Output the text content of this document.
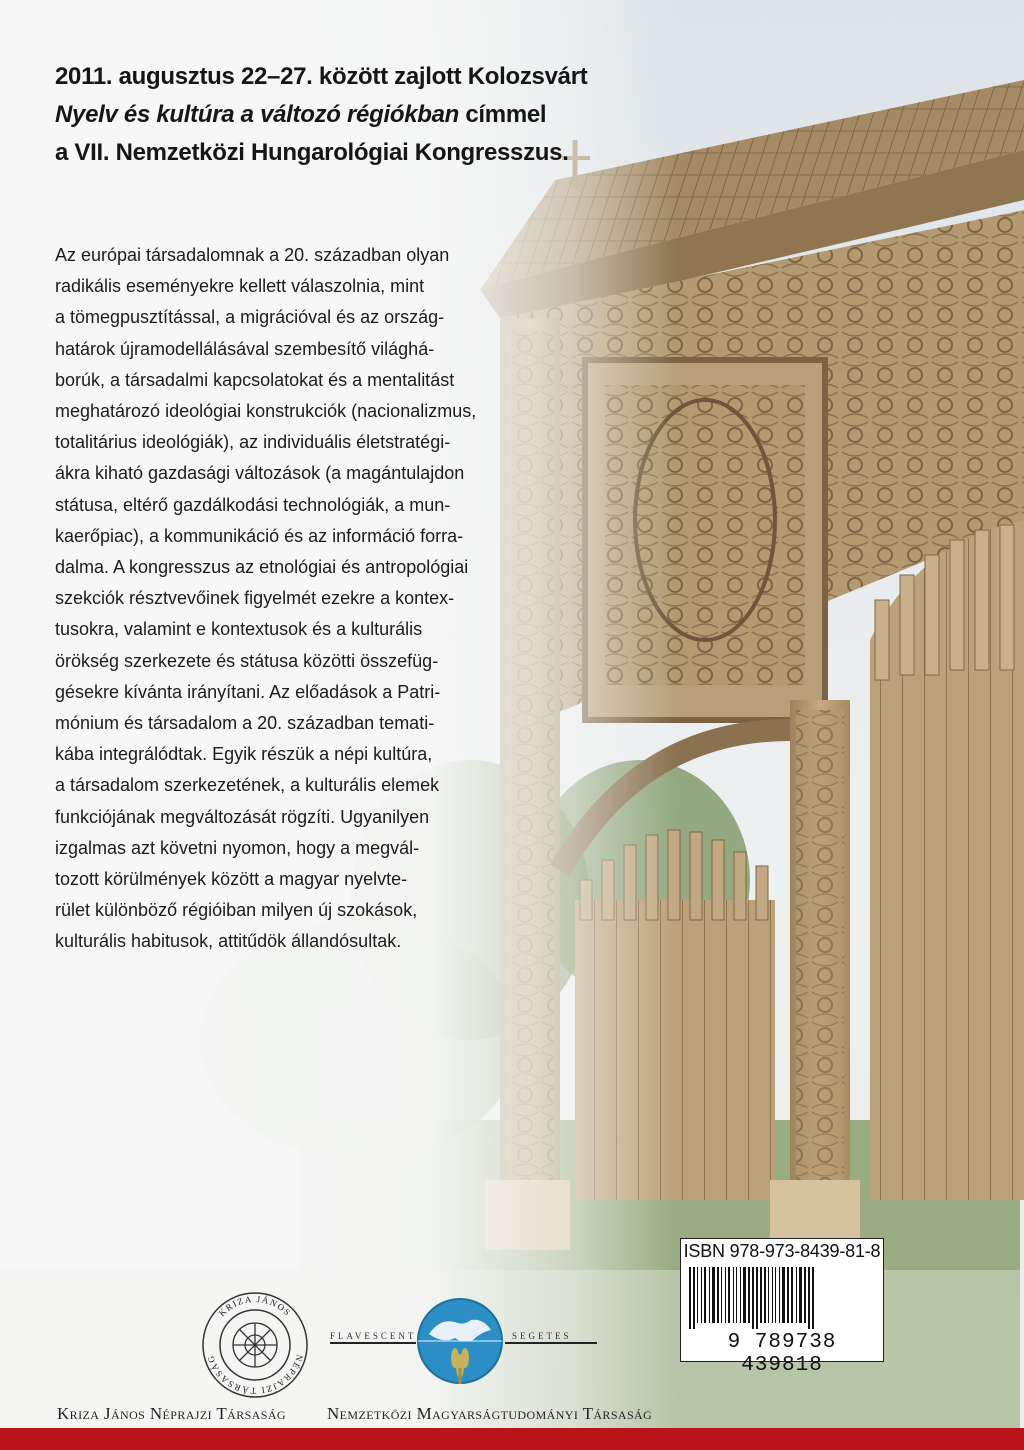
2011. augusztus 22–27. között zajlott Kolozsvárt
Nyelv és kultúra a változó régiókban címmel
a VII. Nemzetközi Hungarológiai Kongresszus.
Az európai társadalomnak a 20. században olyan
radikális eseményekre kellett válaszolnia, mint
a tömegpusztítással, a migrációval és az ország-
határok újramodellálásával szembesítő világhá-
borúk, a társadalmi kapcsolatokat és a mentalitást
meghatározó ideológiai konstrukciók (nacionalizmus,
totalitárius ideológiák), az individuális életstratégi-
ákra kiható gazdasági változások (a magántulajdon
státusa, eltérő gazdálkodási technológiák, a mun-
kaerőpiac), a kommunikáció és az információ forra-
dalma. A kongresszus az etnológiai és antropológiai
szekciók résztvevőinek figyelmét ezekre a kontex-
tusokra, valamint e kontextusok és a kulturális
örökség szerkezete és státusa közötti összefüg-
gésekre kívánta irányítani. Az előadások a Patri-
mónium és társadalom a 20. században temati-
kába integrálódtak. Egyik részük a népi kultúra,
a társadalom szerkezetének, a kulturális elemek
funkciójának megváltozását rögzíti. Ugyanilyen
izgalmas azt követni nyomon, hogy a megvál-
tozott körülmények között a magyar nyelvte-
rület különböző régióiban milyen új szokások,
kulturális habitusok, attitűdök állandósultak.
ISBN 978-973-8439-81-8
9 789738 439818
KRIZA JÁNOS
NÉPRAJZI TÁRSASÁG
FLAVESCENT	SEGETES
Kriza János Néprajzi Társaság Nemzetközi Magyarságtudományi Társaság
